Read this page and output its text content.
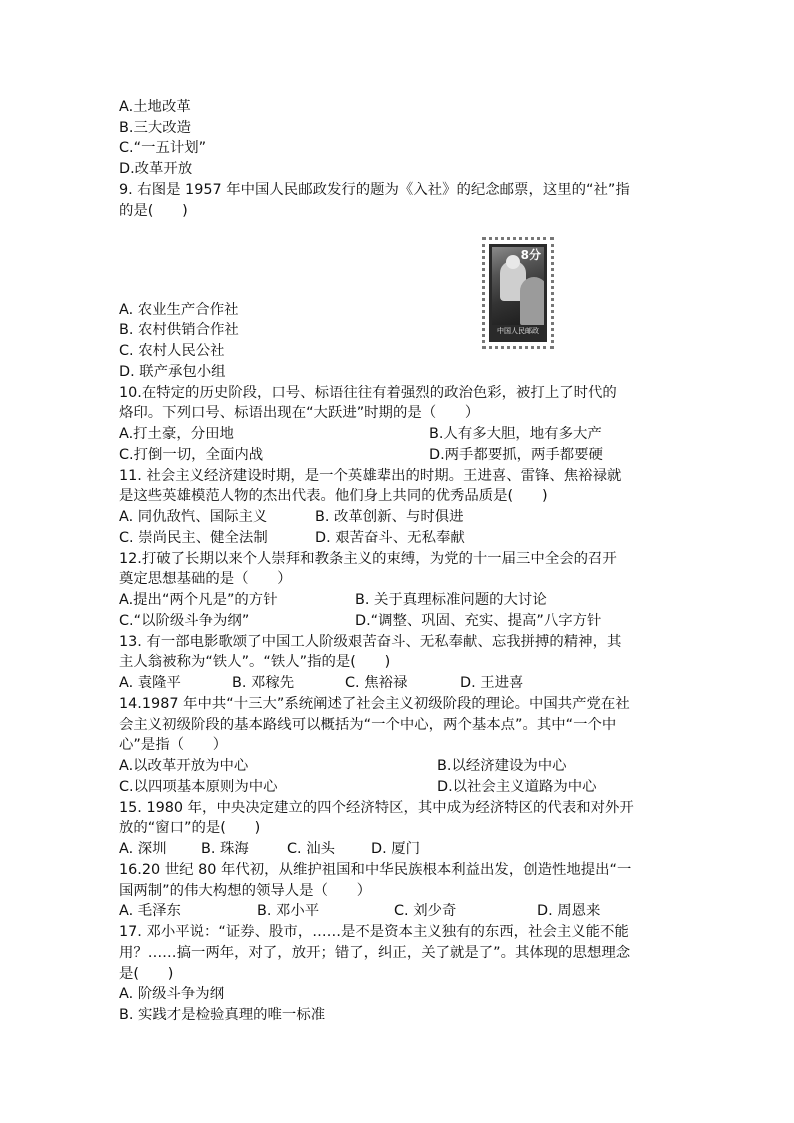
A.土地改革
B.三大改造
C.“一五计划”
D.改革开放
9. 右图是 1957 年中国人民邮政发行的题为《入社》的纪念邮票，这里的“社”指
的是(　　)
8分
中国人民邮政
A. 农业生产合作社
B. 农村供销合作社
C. 农村人民公社
D. 联产承包小组
10.在特定的历史阶段，口号、标语往往有着强烈的政治色彩，被打上了时代的
烙印。下列口号、标语出现在“大跃进”时期的是（　　）
A.打土豪，分田地	B.人有多大胆，地有多大产
C.打倒一切，全面内战	D.两手都要抓，两手都要硬
11. 社会主义经济建设时期，是一个英雄辈出的时期。王进喜、雷锋、焦裕禄就
是这些英雄模范人物的杰出代表。他们身上共同的优秀品质是(　　)
A. 同仇敌忾、国际主义	B. 改革创新、与时俱进
C. 崇尚民主、健全法制	D. 艰苦奋斗、无私奉献
12.打破了长期以来个人崇拜和教条主义的束缚，为党的十一届三中全会的召开
奠定思想基础的是（　　）
A.提出“两个凡是”的方针	B. 关于真理标准问题的大讨论
C.“以阶级斗争为纲”	D.“调整、巩固、充实、提高”八字方针
13. 有一部电影歌颂了中国工人阶级艰苦奋斗、无私奉献、忘我拼搏的精神，其
主人翁被称为“铁人”。“铁人”指的是(　　)
A. 袁隆平	B. 邓稼先	C. 焦裕禄	D. 王进喜
14.1987 年中共“十三大”系统阐述了社会主义初级阶段的理论。中国共产党在社
会主义初级阶段的基本路线可以概括为“一个中心，两个基本点”。其中“一个中
心”是指（　　）
A.以改革开放为中心	B.以经济建设为中心
C.以四项基本原则为中心	D.以社会主义道路为中心
15. 1980 年，中央决定建立的四个经济特区，其中成为经济特区的代表和对外开
放的“窗口”的是(　　)
A. 深圳 B. 珠海	C. 汕头	D. 厦门
16.20 世纪 80 年代初，从维护祖国和中华民族根本利益出发，创造性地提出“一
国两制”的伟大构想的领导人是（　　）
A. 毛泽东	B. 邓小平	C. 刘少奇	D. 周恩来
17. 邓小平说：“证券、股市，……是不是资本主义独有的东西，社会主义能不能
用？……搞一两年，对了，放开；错了，纠正，关了就是了”。其体现的思想理念
是(　　)
A. 阶级斗争为纲
B. 实践才是检验真理的唯一标准
